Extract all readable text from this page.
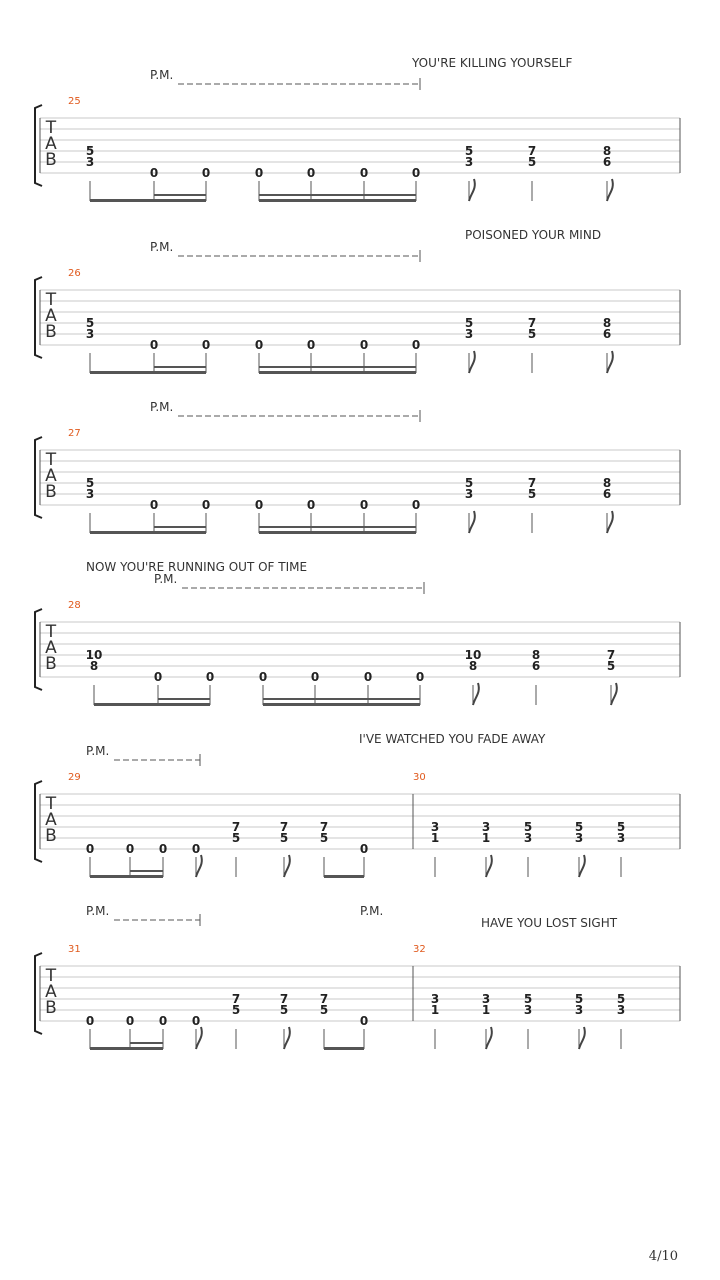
YOU'RE KILLING YOURSELF
P.M.
25
POISONED YOUR MIND
P.M.
26
P.M.
27
NOW YOU'RE RUNNING OUT OF TIME
P.M.
28
I'VE WATCHED YOU FADE AWAY
P.M.
29	30
P.M.	P.M.
HAVE YOU LOST SIGHT
31	32
T
A
B 5
3
0	0	0	0	0	0
5
3
7
5
8
6
T
A
B 5
3
0	0	0	0	0	0
5
3
7
5
8
6
T
A
B 5
3
0	0	0	0	0	0
5
3
7
5
8
6
T
A
B 10
8
0	0	0	0	0	0
10
8
8
6
7
5
T
A
B
0	0 0 0
7
5
7
5
7
5
0
3
1
3
1
5
3
5
3
5
3
T
A
B
0	0 0 0
7
5
7
5
7
5
0
3
1
3
1
5
3
5
3
5
3
4/10
